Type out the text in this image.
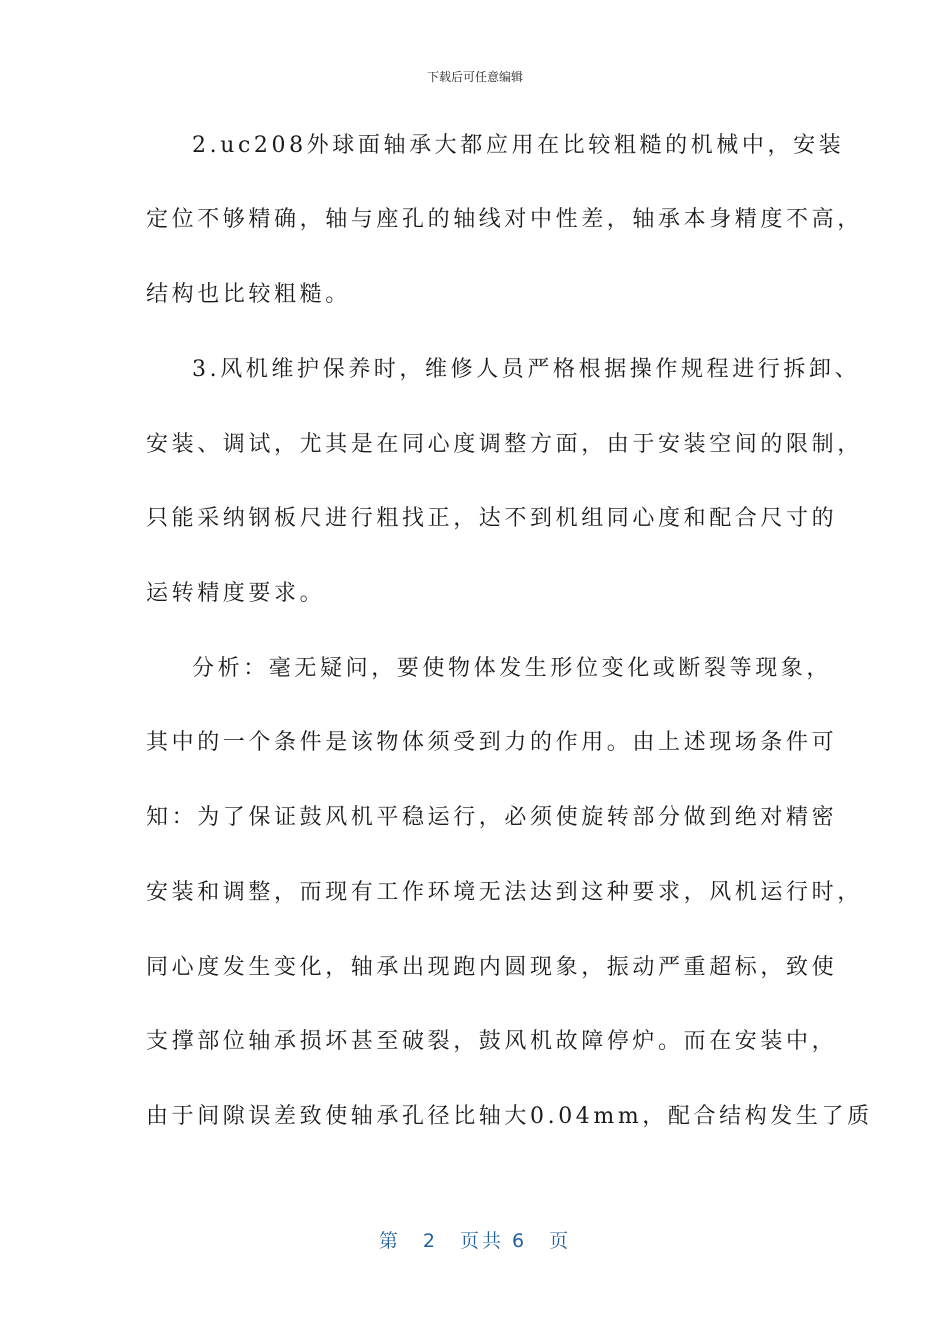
下载后可任意编辑
2.uc208外球面轴承大都应用在比较粗糙的机械中，安装
定位不够精确，轴与座孔的轴线对中性差，轴承本身精度不高，
结构也比较粗糙。
3.风机维护保养时，维修人员严格根据操作规程进行拆卸、
安装、调试，尤其是在同心度调整方面，由于安装空间的限制，
只能采纳钢板尺进行粗找正，达不到机组同心度和配合尺寸的
运转精度要求。
分析：毫无疑问，要使物体发生形位变化或断裂等现象，
其中的一个条件是该物体须受到力的作用。由上述现场条件可
知：为了保证鼓风机平稳运行，必须使旋转部分做到绝对精密
安装和调整，而现有工作环境无法达到这种要求，风机运行时，
同心度发生变化，轴承出现跑内圆现象，振动严重超标，致使
支撑部位轴承损坏甚至破裂，鼓风机故障停炉。而在安装中，
由于间隙误差致使轴承孔径比轴大0.04mm，配合结构发生了质
第 2 页共 6 页
